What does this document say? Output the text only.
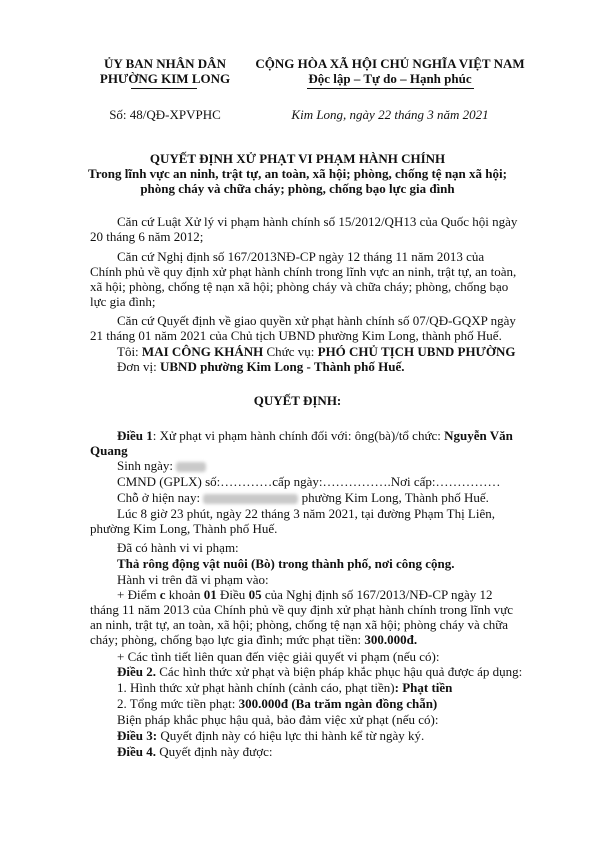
ỦY BAN NHÂN DÂN
PHƯỜNG KIM LONG
Số: 48/QĐ-XPVPHC
CỘNG HÒA XÃ HỘI CHỦ NGHĨA VIỆT NAM
Độc lập – Tự do – Hạnh phúc
Kim Long, ngày 22 tháng 3 năm 2021
QUYẾT ĐỊNH XỬ PHẠT VI PHẠM HÀNH CHÍNH
Trong lĩnh vực an ninh, trật tự, an toàn, xã hội; phòng, chống tệ nạn xã hội;
phòng cháy và chữa cháy; phòng, chống bạo lực gia đình
Căn cứ Luật Xử lý vi phạm hành chính số 15/2012/QH13 của Quốc hội ngày
20 tháng 6 năm 2012;
Căn cứ Nghị định số 167/2013NĐ-CP ngày 12 tháng 11 năm 2013 của
Chính phủ về quy định xử phạt hành chính trong lĩnh vực an ninh, trật tự, an toàn,
xã hội; phòng, chống tệ nạn xã hội; phòng cháy và chữa cháy; phòng, chống bạo
lực gia đình;
Căn cứ Quyết định về giao quyền xử phạt hành chính số 07/QĐ-GQXP ngày
21 tháng 01 năm 2021 của Chủ tịch UBND phường Kim Long, thành phố Huế.
Tôi: MAI CÔNG KHÁNH Chức vụ: PHÓ CHỦ TỊCH UBND PHƯỜNG
Đơn vị: UBND phường Kim Long - Thành phố Huế.
QUYẾT ĐỊNH:
Điều 1: Xử phạt vi phạm hành chính đối với: ông(bà)/tổ chức: Nguyễn Văn
Quang
Sinh ngày:
CMND (GPLX) số:…………cấp ngày:…………….Nơi cấp:……………
Chỗ ở hiện nay:	phường Kim Long, Thành phố Huế.
Lúc 8 giờ 23 phút, ngày 22 tháng 3 năm 2021, tại đường Phạm Thị Liên,
phường Kim Long, Thành phố Huế.
Đã có hành vi vi phạm:
Thả rông động vật nuôi (Bò) trong thành phố, nơi công cộng.
Hành vi trên đã vi phạm vào:
+ Điểm c khoản 01 Điều 05 của Nghị định số 167/2013/NĐ-CP ngày 12
tháng 11 năm 2013 của Chính phủ về quy định xử phạt hành chính trong lĩnh vực
an ninh, trật tự, an toàn, xã hội; phòng, chống tệ nạn xã hội; phòng cháy và chữa
cháy; phòng, chống bạo lực gia đình; mức phạt tiền: 300.000đ.
+ Các tình tiết liên quan đến việc giải quyết vi phạm (nếu có):
Điều 2. Các hình thức xử phạt và biện pháp khắc phục hậu quả được áp dụng:
1. Hình thức xử phạt hành chính (cảnh cáo, phạt tiền): Phạt tiền
2. Tổng mức tiền phạt: 300.000đ (Ba trăm ngàn đồng chẵn)
Biện pháp khắc phục hậu quả, bảo đảm việc xử phạt (nếu có):
Điều 3: Quyết định này có hiệu lực thi hành kể từ ngày ký.
Điều 4. Quyết định này được:
